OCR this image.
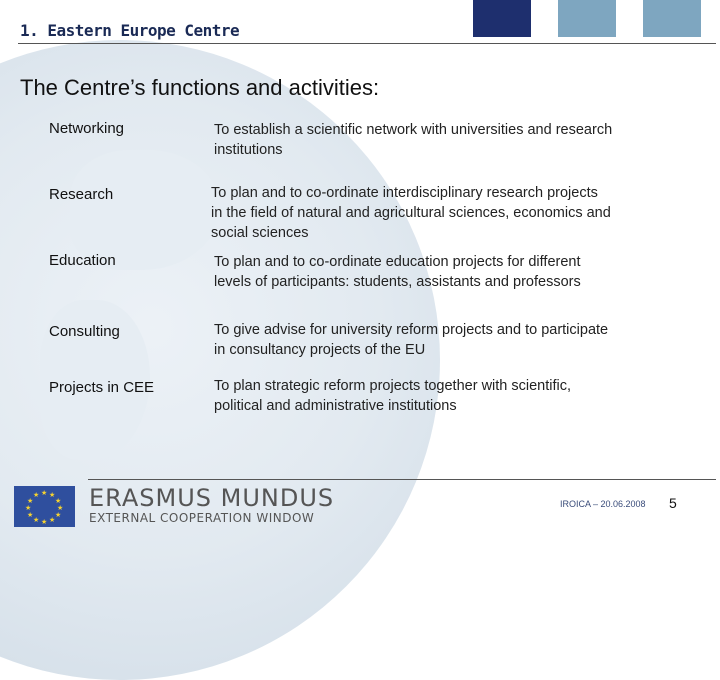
1. Eastern Europe Centre
The Centre’s functions and activities:
Networking	To establish a scientific network with universities and research
institutions
Research	To plan and to co-ordinate interdisciplinary research projects
in the field of natural and agricultural sciences, economics and
social sciences
Education	To plan and to co-ordinate education projects for different
levels of participants: students, assistants and professors
Consulting	To give advise for university reform projects and to participate
in consultancy projects of the EU
Projects in CEE	To plan strategic reform projects together with scientific,
political and administrative institutions
★ ★
★
★
★
★
★
★
★
★
★
★ ERASMUS MUNDUS
EXTERNAL COOPERATION WINDOW
IROICA – 20.06.2008 5
